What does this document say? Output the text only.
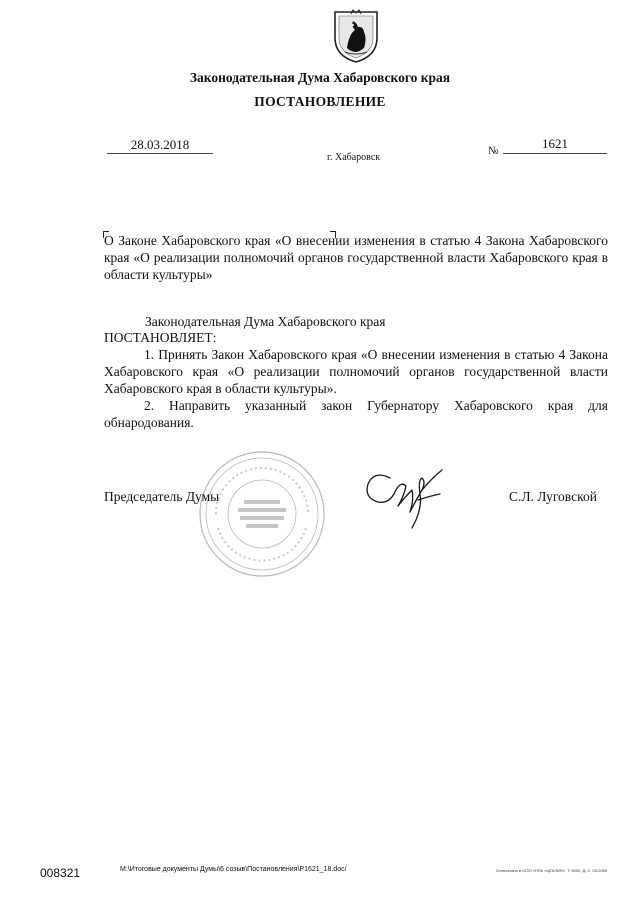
Законодательная Дума Хабаровского края
ПОСТАНОВЛЕНИЕ
28.03.2018
г. Хабаровск
№	1621
О Законе Хабаровского края «О внесении изменения в статью 4 Закона Хабаровского края «О реализации полномочий органов государственной власти Хабаровского края в области культуры»
Законодательная Дума Хабаровского края
ПОСТАНОВЛЯЕТ:

1. Принять Закон Хабаровского края «О внесении изменения в статью 4 Закона Хабаровского края «О реализации полномочий органов государственной власти Хабаровского края в области культуры».

2. Направить указанный закон Губернатору Хабаровского края для обнародования.

Председатель Думы	С.Л. Луговской
008321	M:\Итоговые документы Думы\6 созыв\Постановления\P1621_18.doc/	Отпечатано в ООО «НПК «ЦЕКЛИН». Т. 9000. Д. С. 03-2005
